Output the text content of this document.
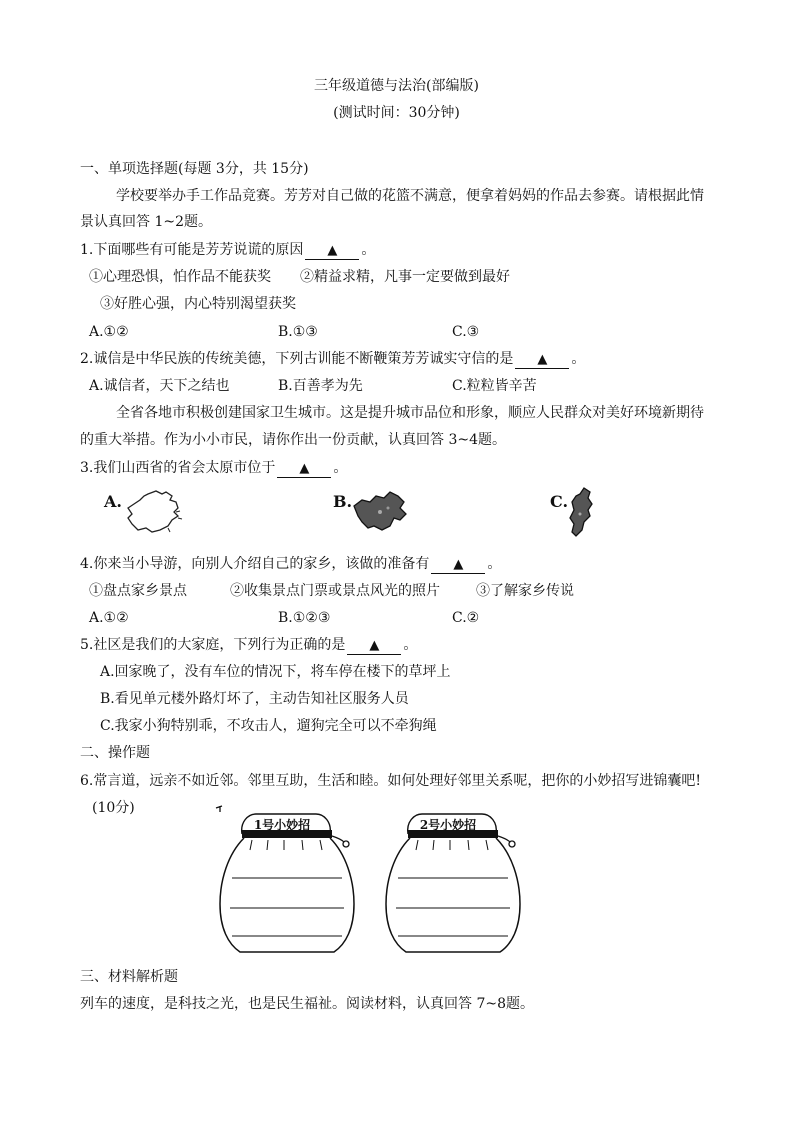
三年级道德与法治(部编版)
(测试时间：30分钟)
一、单项选择题(每题 3分，共 15分)
学校要举办手工作品竞赛。芳芳对自己做的花篮不满意，便拿着妈妈的作品去参赛。请根据此情
景认真回答 1~2题。
1.下面哪些有可能是芳芳说谎的原因 ▲ 。
①心理恐惧，怕作品不能获奖 ②精益求精，凡事一定要做到最好
③好胜心强，内心特别渴望获奖
A.①②	B.①③	C.③
2.诚信是中华民族的传统美德，下列古训能不断鞭策芳芳诚实守信的是 ▲ 。
A.诚信者，天下之结也	B.百善孝为先	C.粒粒皆辛苦
全省各地市积极创建国家卫生城市。这是提升城市品位和形象，顺应人民群众对美好环境新期待
的重大举措。作为小小市民，请你作出一份贡献，认真回答 3~4题。
3.我们山西省的省会太原市位于 ▲ 。
A.	B.	C.
4.你来当小导游，向别人介绍自己的家乡，该做的准备有 ▲ 。
①盘点家乡景点	②收集景点门票或景点风光的照片	③了解家乡传说
A.①②	B.①②③	C.②
5.社区是我们的大家庭，下列行为正确的是 ▲ 。
A.回家晚了，没有车位的情况下，将车停在楼下的草坪上
B.看见单元楼外路灯坏了，主动告知社区服务人员
C.我家小狗特别乖，不攻击人，遛狗完全可以不牵狗绳
二、操作题
6.常言道，远亲不如近邻。邻里互助，生活和睦。如何处理好邻里关系呢，把你的小妙招写进锦囊吧!
(10分)
1号小妙招	2号小妙招
三、材料解析题
列车的速度，是科技之光，也是民生福祉。阅读材料，认真回答 7~8题。
